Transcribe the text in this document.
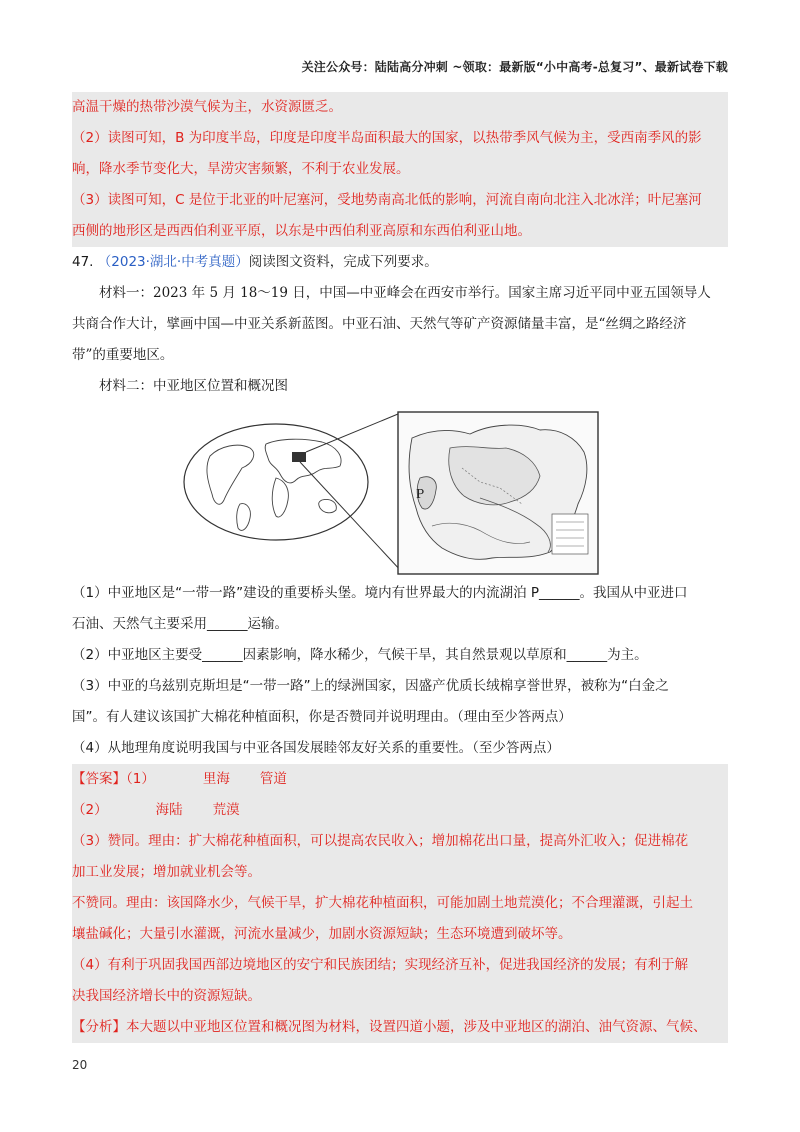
关注公众号：陆陆高分冲刺 ~领取：最新版“小中高考-总复习”、最新试卷下载
高温干燥的热带沙漠气候为主，水资源匮乏。
（2）读图可知，B 为印度半岛，印度是印度半岛面积最大的国家，以热带季风气候为主，受西南季风的影
响，降水季节变化大，旱涝灾害频繁，不利于农业发展。
（3）读图可知，C 是位于北亚的叶尼塞河，受地势南高北低的影响，河流自南向北注入北冰洋；叶尼塞河
西侧的地形区是西西伯利亚平原，以东是中西伯利亚高原和东西伯利亚山地。
47. （2023·湖北·中考真题）阅读图文资料，完成下列要求。
材料一：2023 年 5 月 18～19 日，中国—中亚峰会在西安市举行。国家主席习近平同中亚五国领导人
共商合作大计，擘画中国—中亚关系新蓝图。中亚石油、天然气等矿产资源储量丰富，是“丝绸之路经济
带”的重要地区。
材料二：中亚地区位置和概况图
P
（1）中亚地区是“一带一路”建设的重要桥头堡。境内有世界最大的内流湖泊 P______。我国从中亚进口
石油、天然气主要采用______运输。
（2）中亚地区主要受______因素影响，降水稀少，气候干旱，其自然景观以草原和______为主。
（3）中亚的乌兹别克斯坦是“一带一路”上的绿洲国家，因盛产优质长绒棉享誉世界，被称为“白金之
国”。有人建议该国扩大棉花种植面积，你是否赞同并说明理由。（理由至少答两点）
（4）从地理角度说明我国与中亚各国发展睦邻友好关系的重要性。（至少答两点）
【答案】（1）	里海 管道
（2）	海陆 荒漠
（3）赞同。理由：扩大棉花种植面积，可以提高农民收入；增加棉花出口量，提高外汇收入；促进棉花
加工业发展；增加就业机会等。
不赞同。理由：该国降水少，气候干旱，扩大棉花种植面积，可能加剧土地荒漠化；不合理灌溉，引起土
壤盐碱化；大量引水灌溉，河流水量减少，加剧水资源短缺；生态环境遭到破坏等。
（4）有利于巩固我国西部边境地区的安宁和民族团结；实现经济互补，促进我国经济的发展；有利于解
决我国经济增长中的资源短缺。
【分析】本大题以中亚地区位置和概况图为材料，设置四道小题，涉及中亚地区的湖泊、油气资源、气候、
20
